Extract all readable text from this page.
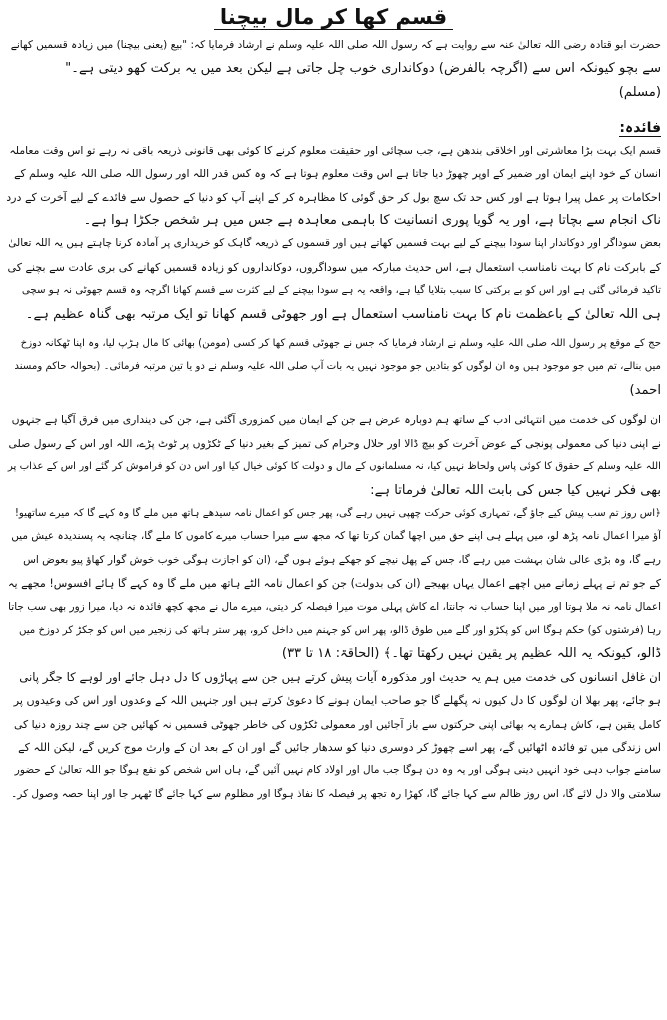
قسم کھا کر مال بیچنا
حضرت ابو قتادہ رضی اللہ تعالیٰ عنہ سے روایت ہے کہ رسول اللہ صلی اللہ علیہ وسلم نے ارشاد فرمایا کہ: "بیع (یعنی بیچنا) میں زیادہ قسمیں کھانے
سے بچو کیونکہ اس سے (اگرچہ بالفرض) دوکانداری خوب چل جاتی ہے لیکن بعد میں یہ برکت کھو دیتی ہے۔"
(مسلم)
فائدہ:
قسم ایک بہت بڑا معاشرتی اور اخلاقی بندھن ہے، جب سچائی اور حقیقت معلوم کرنے کا کوئی بھی قانونی ذریعہ باقی نہ رہے تو اس وقت معاملہ
انسان کے خود اپنے ایمان اور ضمیر کے اوپر چھوڑ دیا جاتا ہے اس وقت معلوم ہوتا ہے کہ وہ کس قدر اللہ اور رسول اللہ صلی اللہ علیہ وسلم کے
احکامات پر عمل پیرا ہوتا ہے اور کس حد تک سچ بول کر حق گوئی کا مظاہرہ کر کے اپنے آپ کو دنیا کے حصول سے فائدے کے لیے آخرت کے درد
ناک انجام سے بچاتا ہے، اور یہ گویا پوری انسانیت کا باہمی معاہدہ ہے جس میں ہر شخص جکڑا ہوا ہے۔
بعض سوداگر اور دوکاندار اپنا سودا بیچنے کے لیے بہت قسمیں کھاتے ہیں اور قسموں کے ذریعہ گاہک کو خریداری پر آمادہ کرنا چاہتے ہیں یہ اللہ تعالیٰ
کے بابرکت نام کا بہت نامناسب استعمال ہے، اس حدیث مبارکہ میں سوداگروں، دوکانداروں کو زیادہ قسمیں کھانے کی بری عادت سے بچنے کی
تاکید فرمائی گئی ہے اور اس کو بے برکتی کا سبب بتلایا گیا ہے، واقعہ یہ ہے سودا بیچنے کے لیے کثرت سے قسم کھانا اگرچہ وہ قسم جھوٹی نہ ہو سچی
ہی اللہ تعالیٰ کے باعظمت نام کا بہت نامناسب استعمال ہے اور جھوٹی قسم کھانا تو ایک مرتبہ بھی گناہ عظیم ہے۔
حج کے موقع پر رسول اللہ صلی اللہ علیہ وسلم نے ارشاد فرمایا کہ جس نے جھوٹی قسم کھا کر کسی (مومن) بھائی کا مال ہڑپ لیا، وہ اپنا ٹھکانہ دوزخ
میں بنالے، تم میں جو موجود ہیں وہ ان لوگوں کو بتادیں جو موجود نہیں یہ بات آپ صلی اللہ علیہ وسلم نے دو یا تین مرتبہ فرمائی۔ (بحوالہ حاکم ومسند
احمد)
ان لوگوں کی خدمت میں انتہائی ادب کے ساتھ ہم دوبارہ عرض ہے جن کے ایمان میں کمزوری آگئی ہے، جن کی دینداری میں فرق آگیا ہے جنہوں
نے اپنی دنیا کی معمولی پونجی کے عوض آخرت کو بیچ ڈالا اور حلال وحرام کی تمیز کے بغیر دنیا کے ٹکڑوں پر ٹوٹ پڑے، اللہ اور اس کے رسول صلی
اللہ علیہ وسلم کے حقوق کا کوئی پاس ولحاظ نہیں کیا، نہ مسلمانوں کے مال و دولت کا کوئی خیال کیا اور اس دن کو فراموش کر گئے اور اس کے عذاب پر
بھی فکر نہیں کیا جس کی بابت اللہ تعالیٰ فرماتا ہے:
﴿اس روز تم سب پیش کیے جاؤ گے، تمہاری کوئی حرکت چھپی نہیں رہے گی، پھر جس کو اعمال نامہ سیدھے ہاتھ میں ملے گا وہ کہے گا کہ میرے ساتھیو!
آؤ میرا اعمال نامہ پڑھ لو، میں پہلے ہی اپنے حق میں اچھا گمان کرتا تھا کہ مجھ سے میرا حساب میرے کاموں کا ملے گا، چنانچہ یہ پسندیدہ عیش میں
رہے گا، وہ بڑی عالی شان بہشت میں رہے گا، جس کے پھل نیچے کو جھکے ہوئے ہوں گے، (ان کو اجازت ہوگی خوب خوش گوار کھاؤ پیو بعوض اس
کے جو تم نے پہلے زمانے میں اچھے اعمال یہاں بھیجے (ان کی بدولت) جن کو اعمال نامہ الٹے ہاتھ میں ملے گا وہ کہے گا ہائے افسوس! مجھے یہ
اعمال نامہ نہ ملا ہوتا اور میں اپنا حساب نہ جانتا، اے کاش پہلی موت میرا فیصلہ کر دیتی، میرے مال نے مجھ کچھ فائدہ نہ دیا، میرا زور بھی سب جاتا
رہا (فرشتوں کو) حکم ہوگا اس کو پکڑو اور گلے میں طوق ڈالو، پھر اس کو جہنم میں داخل کرو، پھر ستر ہاتھ کی زنجیر میں اس کو جکڑ کر دوزخ میں
ڈالو، کیونکہ یہ اللہ عظیم پر یقین نہیں رکھتا تھا۔﴾ (الحاقۃ: ۱۸ تا ۳۳)
ان غافل انسانوں کی خدمت میں ہم یہ حدیث اور مذکورہ آیات پیش کرتے ہیں جن سے پہاڑوں کا دل دہل جائے اور لوہے کا جگر پانی
ہو جائے، پھر بھلا ان لوگوں کا دل کیوں نہ پگھلے گا جو صاحب ایمان ہونے کا دعویٰ کرتے ہیں اور جنہیں اللہ کے وعدوں اور اس کی وعیدوں پر
کامل یقین ہے، کاش ہمارے یہ بھائی اپنی حرکتوں سے باز آجائیں اور معمولی ٹکڑوں کی خاطر جھوٹی قسمیں نہ کھائیں جن سے چند روزہ دنیا کی
اس زندگی میں تو فائدہ اٹھائیں گے، پھر اسے چھوڑ کر دوسری دنیا کو سدھار جائیں گے اور ان کے بعد ان کے وارث موج کریں گے، لیکن اللہ کے
سامنے جواب دہی خود انہیں دینی ہوگی اور یہ وہ دن ہوگا جب مال اور اولاد کام نہیں آئیں گے، ہاں اس شخص کو نفع ہوگا جو اللہ تعالیٰ کے حضور
سلامتی والا دل لائے گا، اس روز ظالم سے کہا جائے گا، کھڑا رہ تجھ پر فیصلہ کا نفاذ ہوگا اور مظلوم سے کہا جائے گا ٹھہر جا اور اپنا حصہ وصول کر۔
